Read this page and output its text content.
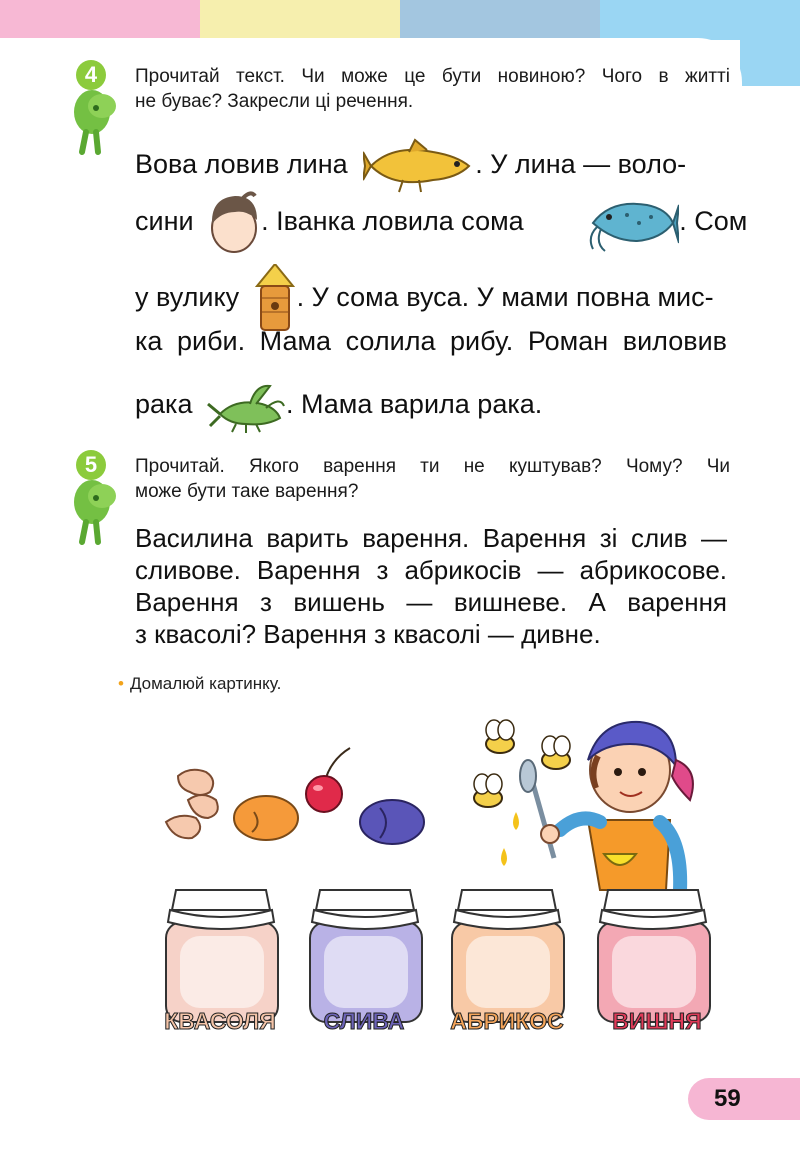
4	Прочитай текст. Чи може це бути новиною? Чого в житті
не буває? Закресли ці речення.
Вова ловив лина	. У лина — воло-
сини	. Іванка ловила сома	. Сом
у вулику . У сома вуса. У мами повна мис-
ка риби. Мама солила рибу. Роман виловив
рака	. Мама варила рака.
5	Прочитай. Якого варення ти не куштував? Чому? Чи
може бути таке варення?
Василина варить варення. Варення зі слив —
сливове. Варення з абрикосів — абрикосове.
Варення з вишень — вишневе. А варення
з квасолі? Варення з квасолі — дивне.
• Домалюй картинку.
КВАСОЛЯ	СЛИВА	АБРИКОС	ВИШНЯ
59
